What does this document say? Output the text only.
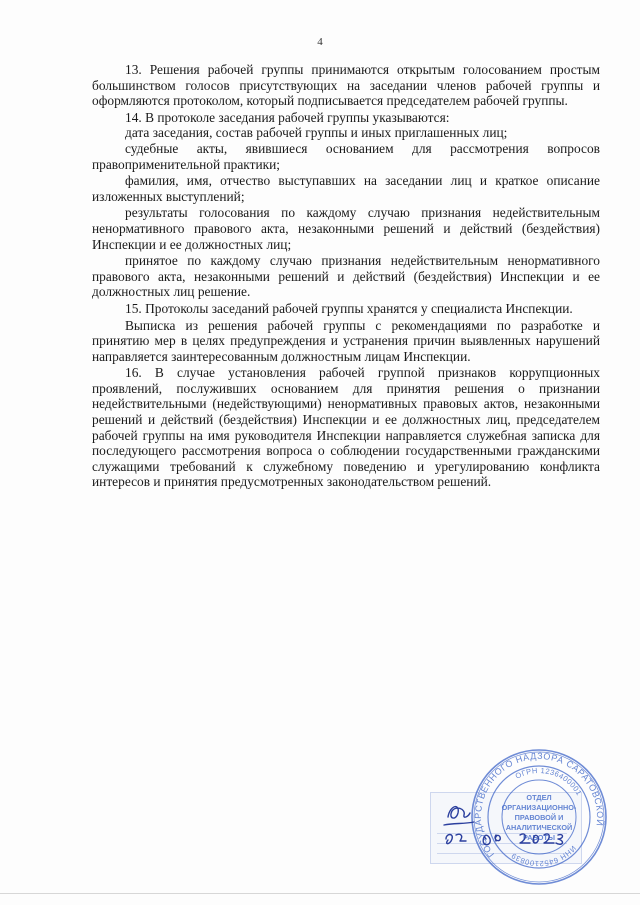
4

13. Решения рабочей группы принимаются открытым голосованием простым большинством голосов присутствующих на заседании членов рабочей группы и оформляются протоколом, который подписывается председателем рабочей группы.

14. В протоколе заседания рабочей группы указываются:

дата заседания, состав рабочей группы и иных приглашенных лиц;

судебные акты, явившиеся основанием для рассмотрения вопросов правоприменительной практики;

фамилия, имя, отчество выступавших на заседании лиц и краткое описание изложенных выступлений;

результаты голосования по каждому случаю признания недействительным ненормативного правового акта, незаконными решений и действий (бездействия) Инспекции и ее должностных лиц;

принятое по каждому случаю признания недействительным ненормативного правового акта, незаконными решений и действий (бездействия) Инспекции и ее должностных лиц решение.

15. Протоколы заседаний рабочей группы хранятся у специалиста Инспекции.

Выписка из решения рабочей группы с рекомендациями по разработке и принятию мер в целях предупреждения и устранения причин выявленных нарушений направляется заинтересованным должностным лицам Инспекции.

16. В случае установления рабочей группой признаков коррупционных проявлений, послуживших основанием для принятия решения о признании недействительными (недействующими) ненормативных правовых актов, незаконными решений и действий (бездействия) Инспекции и ее должностных лиц, председателем рабочей группы на имя руководителя Инспекции направляется служебная записка для последующего рассмотрения вопроса о соблюдении государственными гражданскими служащими требований к служебному поведению и урегулированию конфликта интересов и принятия предусмотренных законодательством решений.

ГОСУДАРСТВЕННОГО НАДЗОРА САРАТОВСКОЙ
ИНН 6452100839
ОГРН 1236400001
ОТДЕЛ
ОРГАНИЗАЦИОННО-
ПРАВОВОЙ И
АНАЛИТИЧЕСКОЙ
РАБОТЫ
